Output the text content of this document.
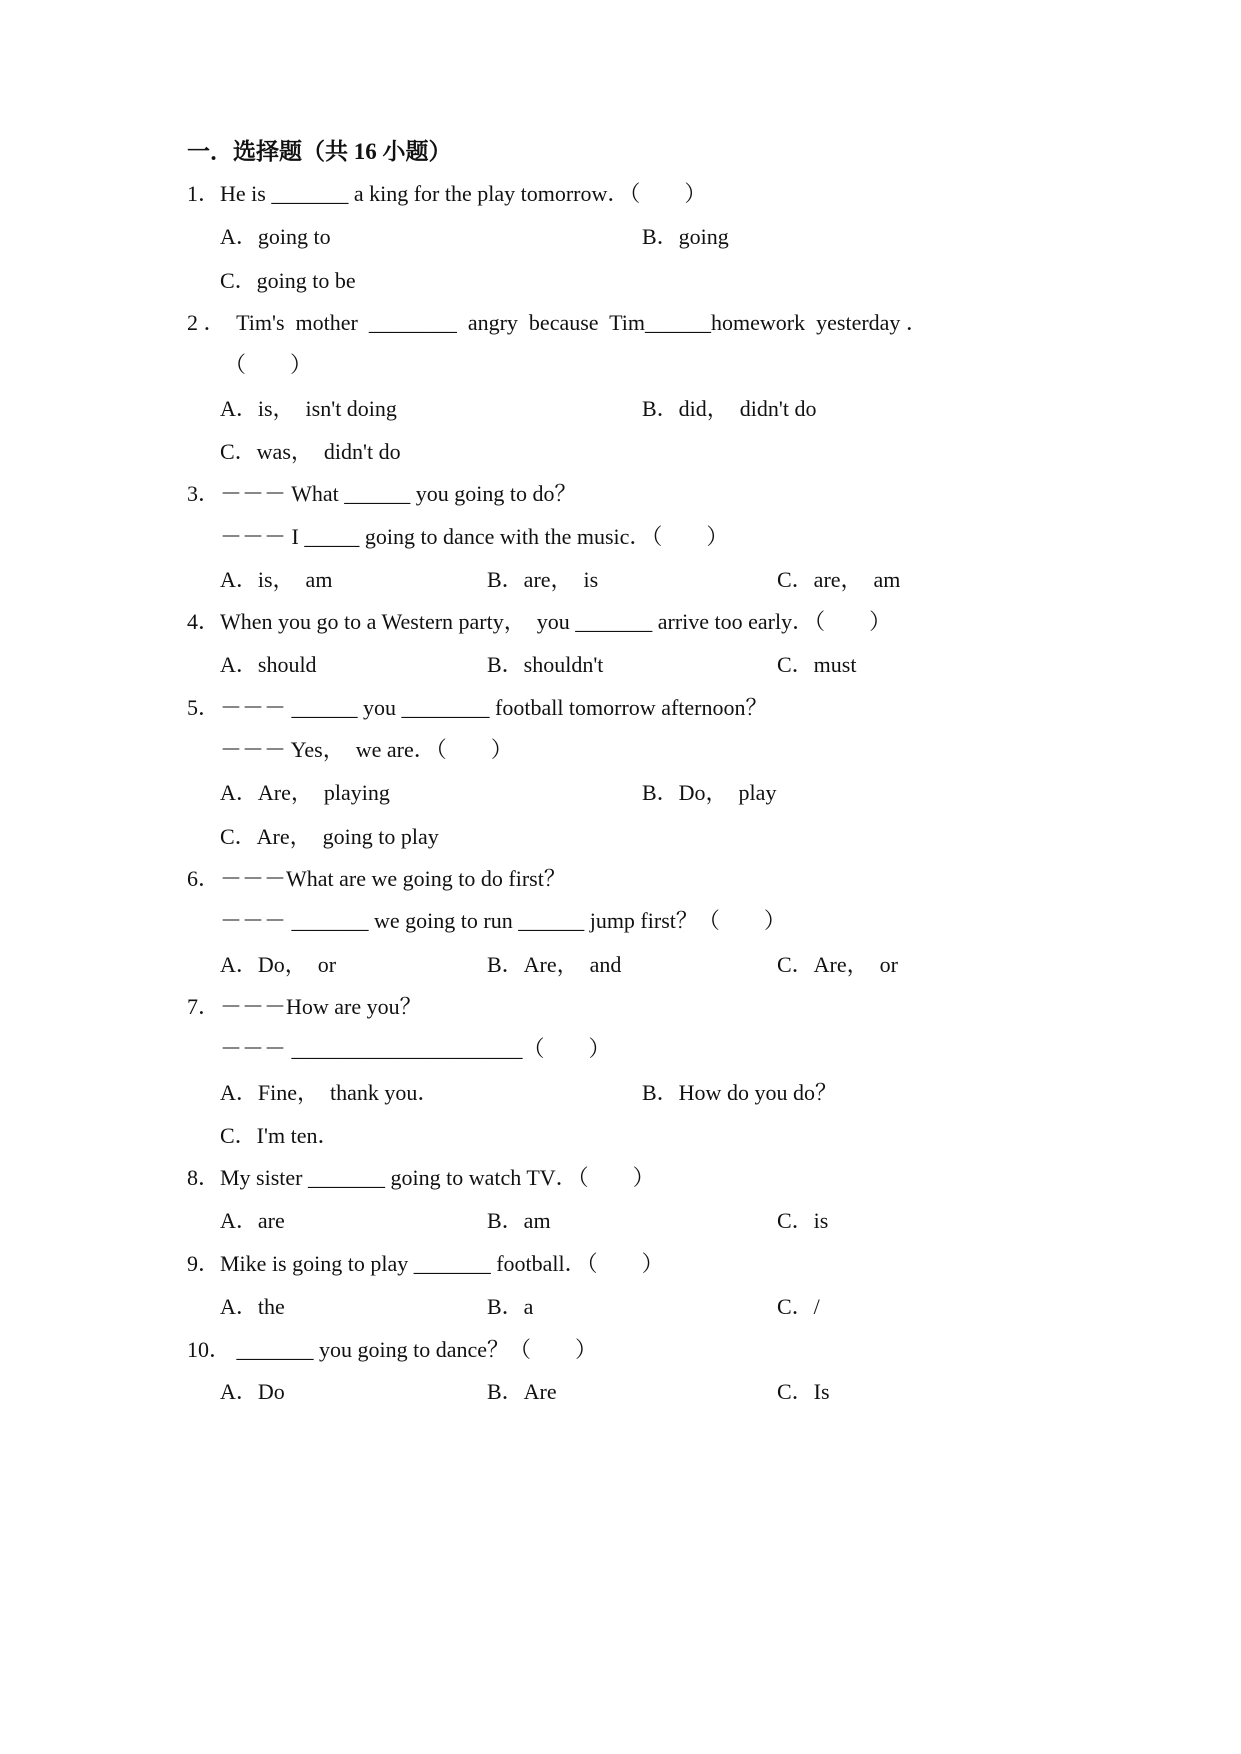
一．选择题（共 16 小题）
1．He is _______ a king for the play tomorrow．（　　）
A．going to	B．going
C．going to be
2 ．  Tim's  mother  ________  angry  because  Tim______homework  yesterday ．
（　　）
A．is，  isn't doing	B．did，  didn't do
C．was，  didn't do
3．－－－ What ______ you going to do？
－－－ I _____ going to dance with the music．（　　）
A．is，  am	B．are，  is	C．are，  am
4．When you go to a Western party，  you _______ arrive too early．（　　）
A．should	B．shouldn't	C．must
5．－－－ ______ you ________ football tomorrow afternoon？
－－－ Yes，  we are．（　　）
A．Are，  playing	B．Do，  play
C．Are，  going to play
6．－－－What are we going to do first？
－－－ _______ we going to run ______ jump first？（　　）
A．Do，  or	B．Are，  and	C．Are，  or
7．－－－How are you？
－－－ _____________________（　　）
A．Fine，  thank you．	B．How do you do？
C．I'm ten．
8．My sister _______ going to watch TV．（　　）
A．are	B．am	C．is
9．Mike is going to play _______ football．（　　）
A．the	B．a	C．/
10． _______ you going to dance？（　　）
A．Do	B．Are	C．Is
